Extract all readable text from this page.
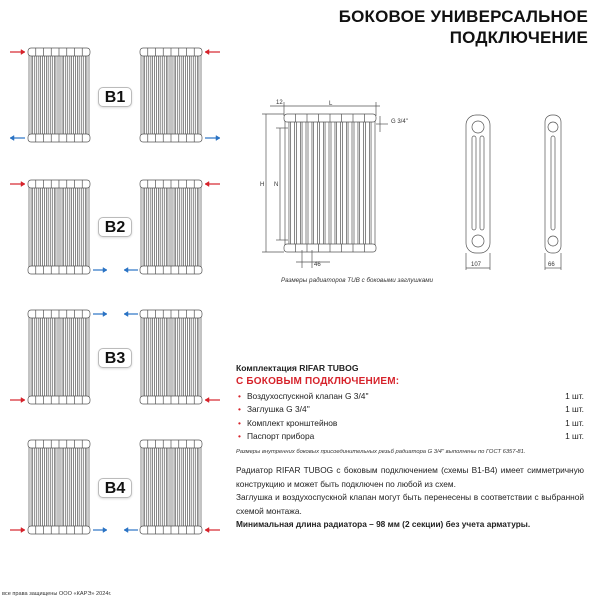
БОКОВОЕ УНИВЕРСАЛЬНОЕ
ПОДКЛЮЧЕНИЕ
12	L
G 3/4''
H N
46	107	66
B1
B2
B3
B4
Размеры радиаторов TUB с боковыми заглушками
Комплектация RIFAR TUBOG
С БОКОВЫМ ПОДКЛЮЧЕНИЕМ:
• Воздухоспускной клапан G 3/4''	1 шт.
• Заглушка G 3/4''	1 шт.
• Комплект кронштейнов	1 шт.
• Паспорт прибора	1 шт.
Размеры внутренних боковых присоединительных резьб радиатора G 3/4'' выполнены по ГОСТ 6357-81.

Радиатор RIFAR TUBOG с боковым подключением (схемы B1-B4) имеет симметричную конструкцию и может быть подключен по любой из схем.

Заглушка и воздухоспускной клапан могут быть перенесены в соответствии с выбранной схемой монтажа.

Минимальная длина радиатора – 98 мм (2 секции) без учета арматуры.

все права защищены ООО «КАРЭ» 2024г.
